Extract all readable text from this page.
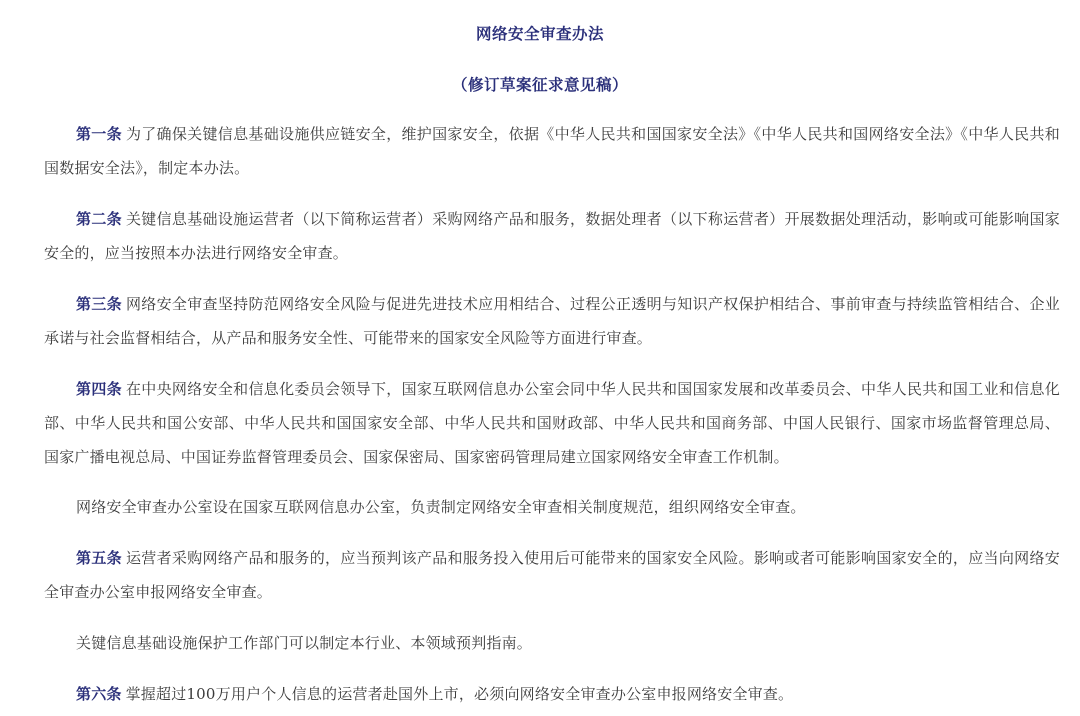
网络安全审查办法
（修订草案征求意见稿）
第一条 为了确保关键信息基础设施供应链安全，维护国家安全，依据《中华人民共和国国家安全法》《中华人民共和国网络安全法》《中华人民共和国数据安全法》，制定本办法。
第二条 关键信息基础设施运营者（以下简称运营者）采购网络产品和服务，数据处理者（以下称运营者）开展数据处理活动，影响或可能影响国家安全的，应当按照本办法进行网络安全审查。
第三条 网络安全审查坚持防范网络安全风险与促进先进技术应用相结合、过程公正透明与知识产权保护相结合、事前审查与持续监管相结合、企业承诺与社会监督相结合，从产品和服务安全性、可能带来的国家安全风险等方面进行审查。
第四条 在中央网络安全和信息化委员会领导下，国家互联网信息办公室会同中华人民共和国国家发展和改革委员会、中华人民共和国工业和信息化部、中华人民共和国公安部、中华人民共和国国家安全部、中华人民共和国财政部、中华人民共和国商务部、中国人民银行、国家市场监督管理总局、国家广播电视总局、中国证券监督管理委员会、国家保密局、国家密码管理局建立国家网络安全审查工作机制。
网络安全审查办公室设在国家互联网信息办公室，负责制定网络安全审查相关制度规范，组织网络安全审查。
第五条 运营者采购网络产品和服务的，应当预判该产品和服务投入使用后可能带来的国家安全风险。影响或者可能影响国家安全的，应当向网络安全审查办公室申报网络安全审查。
关键信息基础设施保护工作部门可以制定本行业、本领域预判指南。
第六条 掌握超过100万用户个人信息的运营者赴国外上市，必须向网络安全审查办公室申报网络安全审查。
